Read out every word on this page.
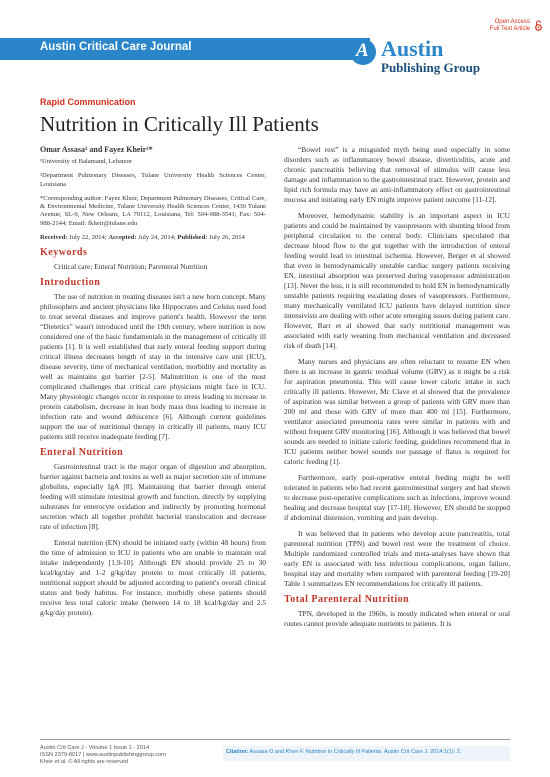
Austin Critical Care Journal
Open Access
Full Text Article
A Austin
Publishing Group
Rapid Communication
Nutrition in Critically Ill Patients
Omar Assasa¹ and Fayez Kheir²*

¹University of Balamand, Lebanon

²Department Pulmonary Diseases, Tulane University Health Sciences Center, Louisiana

*Corresponding author: Fayez Kheir, Department Pulmonary Diseases, Critical Care, & Environmental Medicine, Tulane University Health Sciences Center, 1430 Tulane Avenue, SL-9, New Orleans, LA 70112, Louisiana, Tel: 504-988-3541; Fax: 504-988-2144; Email: fkheir@tulane.edu

Received: July 22, 2014; Accepted: July 24, 2014; Published: July 26, 2014
Keywords
Critical care; Enteral Nutrition; Parenteral Nutrition
Introduction

The use of nutrition in treating diseases isn't a new born concept. Many philosophers and ancient physicians like Hippocrates and Celsius used food to treat several diseases and improve patient's health. However the term “Dietetics” wasn't introduced until the 19th century, where nutrition is now considered one of the basic fundamentals in the management of critically ill patients [1]. It is well established that early enteral feeding support during critical illness decreases length of stay in the intensive care unit (ICU), disease severity, time of mechanical ventilation, morbidity and mortality as well as maintains gut barrier [2-5]. Malnutrition is one of the most complicated challenges that critical care physicians might face in ICU. Many physiologic changes occur in response to stress leading to increase in protein catabolism, decrease in lean body mass thus leading to increase in infection rate and wound dehiscence [6]. Although current guidelines support the use of nutritional therapy in critically ill patients, many ICU patients still receive inadequate feeding [7].

Enteral Nutrition

Gastrointestinal tract is the major organ of digestion and absorption, barrier against bacteria and toxins as well as major secretion site of immune globulins, especially IgA [8]. Maintaining that barrier through enteral feeding will stimulate intestinal growth and function, directly by supplying substrates for enterocyte oxidation and indirectly by promoting hormonal secretion which all together prohibit bacterial translocation and decrease rate of infection [8].

Enteral nutrition (EN) should be initiated early (within 48 hours) from the time of admission to ICU in patients who are unable to maintain oral intake independently [1,9-10]. Although EN should provide 25 to 30 kcal/kg/day and 1-2 g/kg/day protein to most critically ill patients, nutritional support should be adjusted according to patient's overall clinical status and body habitus. For instance, morbidly obese patients should receive less total caloric intake (between 14 to 18 kcal/kg/day and 2.5 g/kg/day protein).

“Bowel rest” is a misguided myth being used especially in some disorders such as inflammatory bowel disease, diverticulitis, acute and chronic pancreatitis believing that removal of stimulus will cause less damage and inflammation to the gastrointestinal tract. However, protein and lipid rich formula may have an anti-inflammatory effect on gastrointestinal mucosa and initiating early EN might improve patient outcome [11-12].

Moreover, hemodynamic stability is an important aspect in ICU patients and could be maintained by vasopressors with shunting blood from peripheral circulation to the central body. Clinicians speculated that decrease blood flow to the gut together with the introduction of enteral feeding would lead to intestinal ischemia. However, Berger et al showed that even in hemodynamically unstable cardiac surgery patients receiving EN, intestinal absorption was preserved during vasopressor administration [13]. Never the less, it is still recommended to hold EN in hemodynamically unstable patients requiring escalating doses of vasopressors. Furthermore, many mechanically ventilated ICU patients have delayed nutrition since intensivists are dealing with other acute emerging issues during patient care. However, Barr et al showed that early nutritional management was associated with early weaning from mechanical ventilation and decreased risk of death [14].

Many nurses and physicians are often reluctant to resume EN when there is an increase in gastric residual volume (GRV) as it might be a risk for aspiration pneumonia. This will cause lower caloric intake in such critically ill patients. However, Mc Clave et al showed that the prevalence of aspiration was similar between a group of patients with GRV more than 200 ml and those with GRV of more than 400 ml [15]. Furthermore, ventilator associated pneumonia rates were similar in patients with and without frequent GRV monitoring [16]. Although it was believed that bowel sounds are needed to initiate caloric feeding, guidelines recommend that in ICU patients neither bowel sounds nor passage of flatus is required for caloric feeding [1].

Furthermore, early post-operative enteral feeding might be well tolerated in patients who had recent gastrointestinal surgery and had shown to decrease post-operative complications such as infections, improve wound healing and decrease hospital stay [17-18]. However, EN should be stopped if abdominal distension, vomiting and pain develop.

It was believed that in patients who develop acute pancreatitis, total parenteral nutrition (TPN) and bowel rest were the treatment of choice. Multiple randomized controlled trials and meta-analyses have shown that early EN is associated with less infectious complications, organ failure, hospital stay and mortality when compared with parenteral feeding [19-20] Table 1 summarizes EN recommendations for critically ill patients.

Total Parenteral Nutrition

TPN, developed in the 1960s, is mostly indicated when enteral or oral routes cannot provide adequate nutrients to patients. It is

Austin Crit Care J - Volume 1 Issue 1 - 2014
ISSN 2379-8017 | www.austinpublishinggroup.com
Kheir et al. © All rights are reserved
Citation: Assasa O and Kheir F. Nutrition in Critically Ill Patients. Austin Crit Care J. 2014;1(1): 2.
